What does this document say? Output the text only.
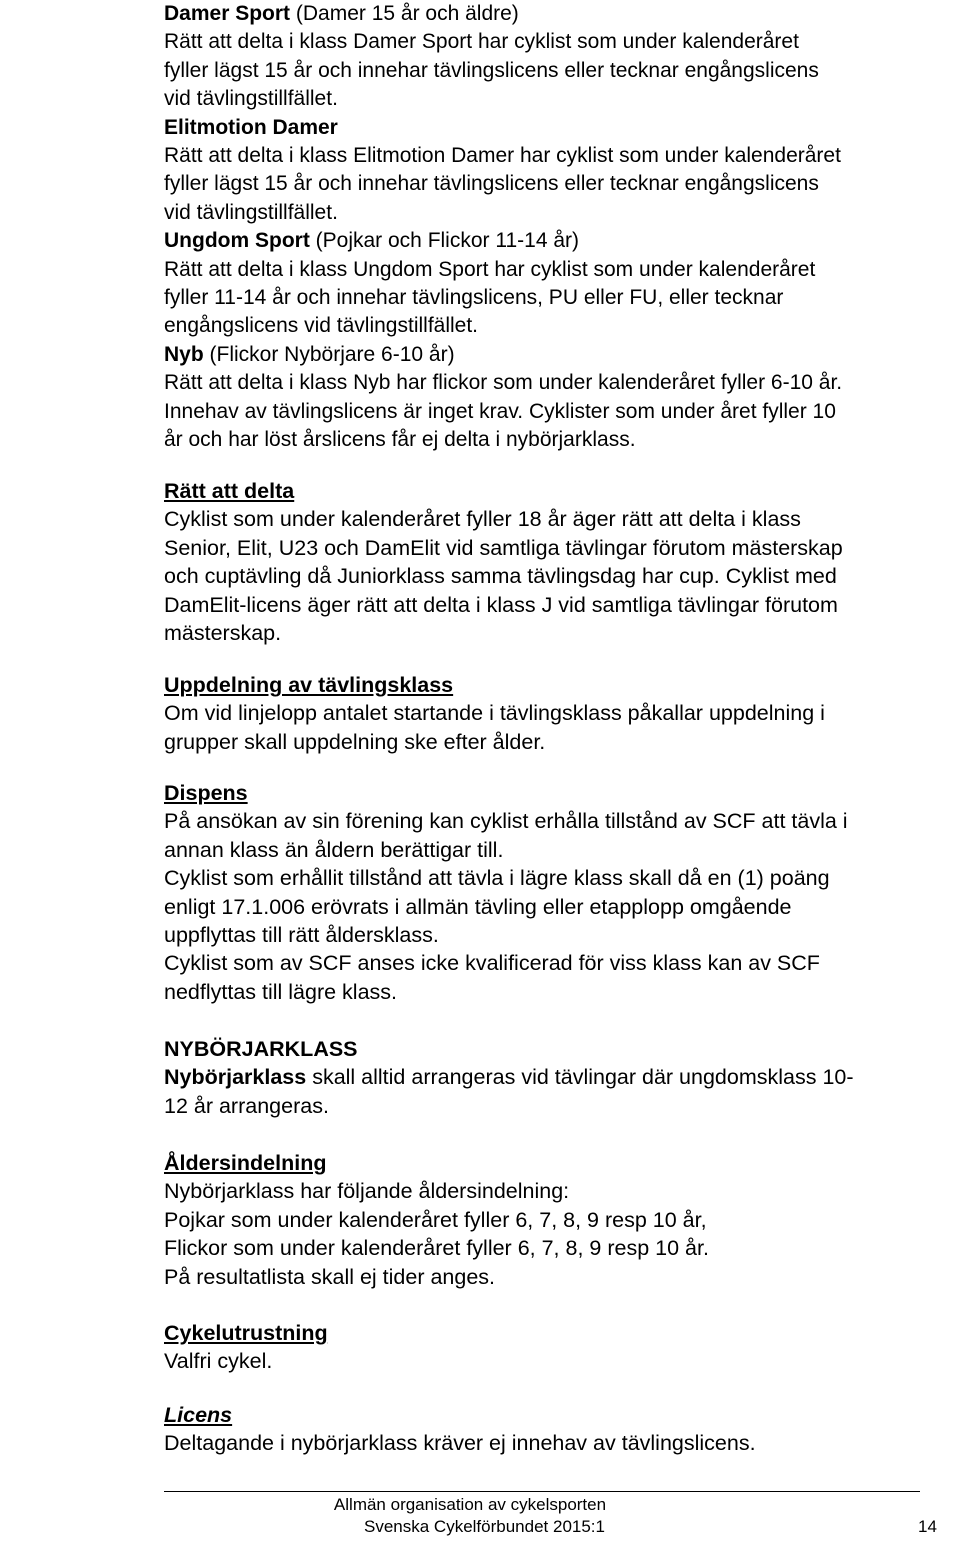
Damer Sport (Damer 15 år och äldre)

Rätt att delta i klass Damer Sport har cyklist som under kalenderåret

fyller lägst 15 år och innehar tävlingslicens eller tecknar engångslicens

vid tävlingstillfället.

Elitmotion Damer

Rätt att delta i klass Elitmotion Damer har cyklist som under kalenderåret

fyller lägst 15 år och innehar tävlingslicens eller tecknar engångslicens

vid tävlingstillfället.

Ungdom Sport (Pojkar och Flickor 11-14 år)

Rätt att delta i klass Ungdom Sport har cyklist som under kalenderåret

fyller 11-14 år och innehar tävlingslicens, PU eller FU, eller tecknar

engångslicens vid tävlingstillfället.

Nyb (Flickor Nybörjare 6-10 år)

Rätt att delta i klass Nyb har flickor som under kalenderåret fyller 6-10 år.

Innehav av tävlingslicens är inget krav. Cyklister som under året fyller 10

år och har löst årslicens får ej delta i nybörjarklass.

Rätt att delta

Cyklist som under kalenderåret fyller 18 år äger rätt att delta i klass

Senior, Elit, U23 och DamElit vid samtliga tävlingar förutom mästerskap

och cuptävling då Juniorklass samma tävlingsdag har cup. Cyklist med

DamElit-licens äger rätt att delta i klass J vid samtliga tävlingar förutom

mästerskap.

Uppdelning av tävlingsklass

Om vid linjelopp antalet startande i tävlingsklass påkallar uppdelning i

grupper skall uppdelning ske efter ålder.

Dispens

På ansökan av sin förening kan cyklist erhålla tillstånd av SCF att tävla i

annan klass än åldern berättigar till.

Cyklist som erhållit tillstånd att tävla i lägre klass skall då en (1) poäng

enligt 17.1.006 erövrats i allmän tävling eller etapplopp omgående

uppflyttas till rätt åldersklass.

Cyklist som av SCF anses icke kvalificerad för viss klass kan av SCF

nedflyttas till lägre klass.

NYBÖRJARKLASS

Nybörjarklass skall alltid arrangeras vid tävlingar där ungdomsklass 10-

12 år arrangeras.

Åldersindelning

Nybörjarklass har följande åldersindelning:

Pojkar som under kalenderåret fyller 6, 7, 8, 9 resp 10 år,

Flickor som under kalenderåret fyller 6, 7, 8, 9 resp 10 år.

På resultatlista skall ej tider anges.

Cykelutrustning

Valfri cykel.

Licens

Deltagande i nybörjarklass kräver ej innehav av tävlingslicens.

Allmän organisation av cykelsporten
Svenska Cykelförbundet 2015:1	14
